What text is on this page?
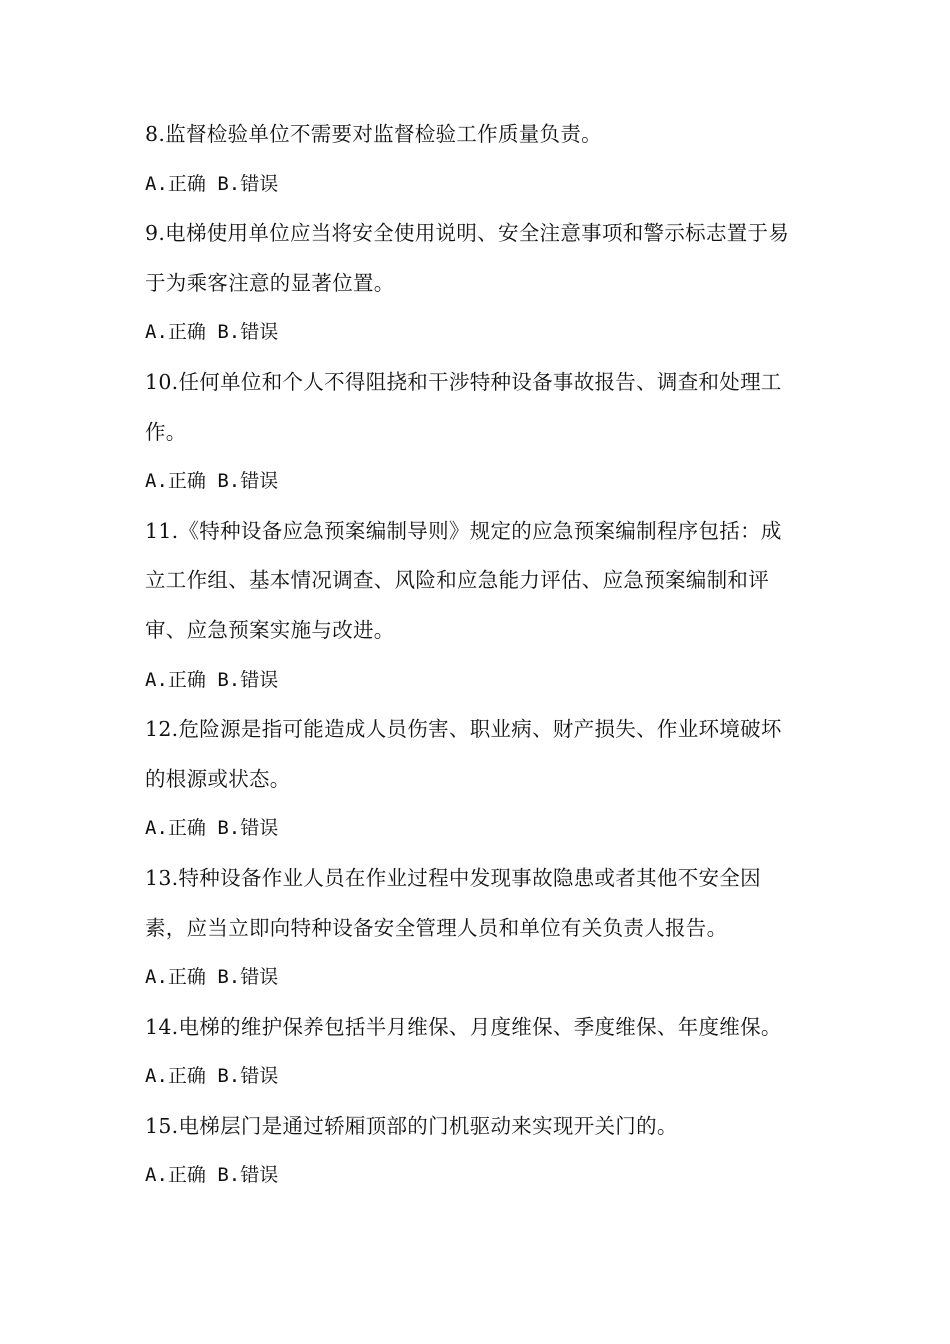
8.监督检验单位不需要对监督检验工作质量负责。
A.正确 B.错误
9.电梯使用单位应当将安全使用说明、安全注意事项和警示标志置于易
于为乘客注意的显著位置。
A.正确 B.错误
10.任何单位和个人不得阻挠和干涉特种设备事故报告、调查和处理工
作。
A.正确 B.错误
11.《特种设备应急预案编制导则》规定的应急预案编制程序包括：成
立工作组、基本情况调查、风险和应急能力评估、应急预案编制和评
审、应急预案实施与改进。
A.正确 B.错误
12.危险源是指可能造成人员伤害、职业病、财产损失、作业环境破坏
的根源或状态。
A.正确 B.错误
13.特种设备作业人员在作业过程中发现事故隐患或者其他不安全因
素，应当立即向特种设备安全管理人员和单位有关负责人报告。
A.正确 B.错误
14.电梯的维护保养包括半月维保、月度维保、季度维保、年度维保。
A.正确 B.错误
15.电梯层门是通过轿厢顶部的门机驱动来实现开关门的。
A.正确 B.错误
